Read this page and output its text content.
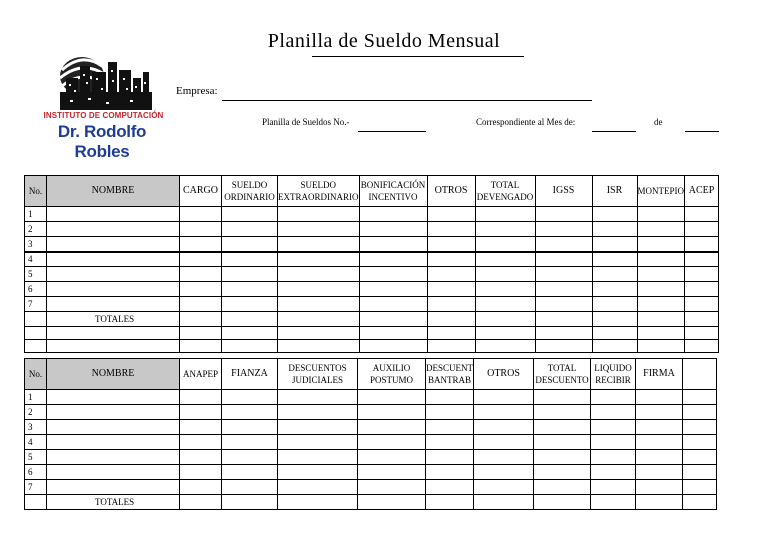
Planilla de Sueldo Mensual
INSTITUTO DE COMPUTACIÓN
Dr. Rodolfo Robles
Empresa:
Planilla de Sueldos No.-	Correspondiente al Mes de:	de
No.	NOMBRE	CARGO	SUELDO ORDINARIO	SUELDO EXTRAORDINARIO	BONIFICACIÓN INCENTIVO	OTROS	TOTAL DEVENGADO	IGSS	ISR	MONTEPIO	ACEP
1											
2											
3											
4											
5											
6											
7											
	TOTALES										

No.	NOMBRE	ANAPEP	FIANZA	DESCUENTOS JUDICIALES	AUXILIO POSTUMO	DESCUENT BANTRAB	OTROS	TOTAL DESCUENTO	LIQUIDO RECIBIR	FIRMA	
1											
2											
3											
4											
5											
6											
7											
	TOTALES										
